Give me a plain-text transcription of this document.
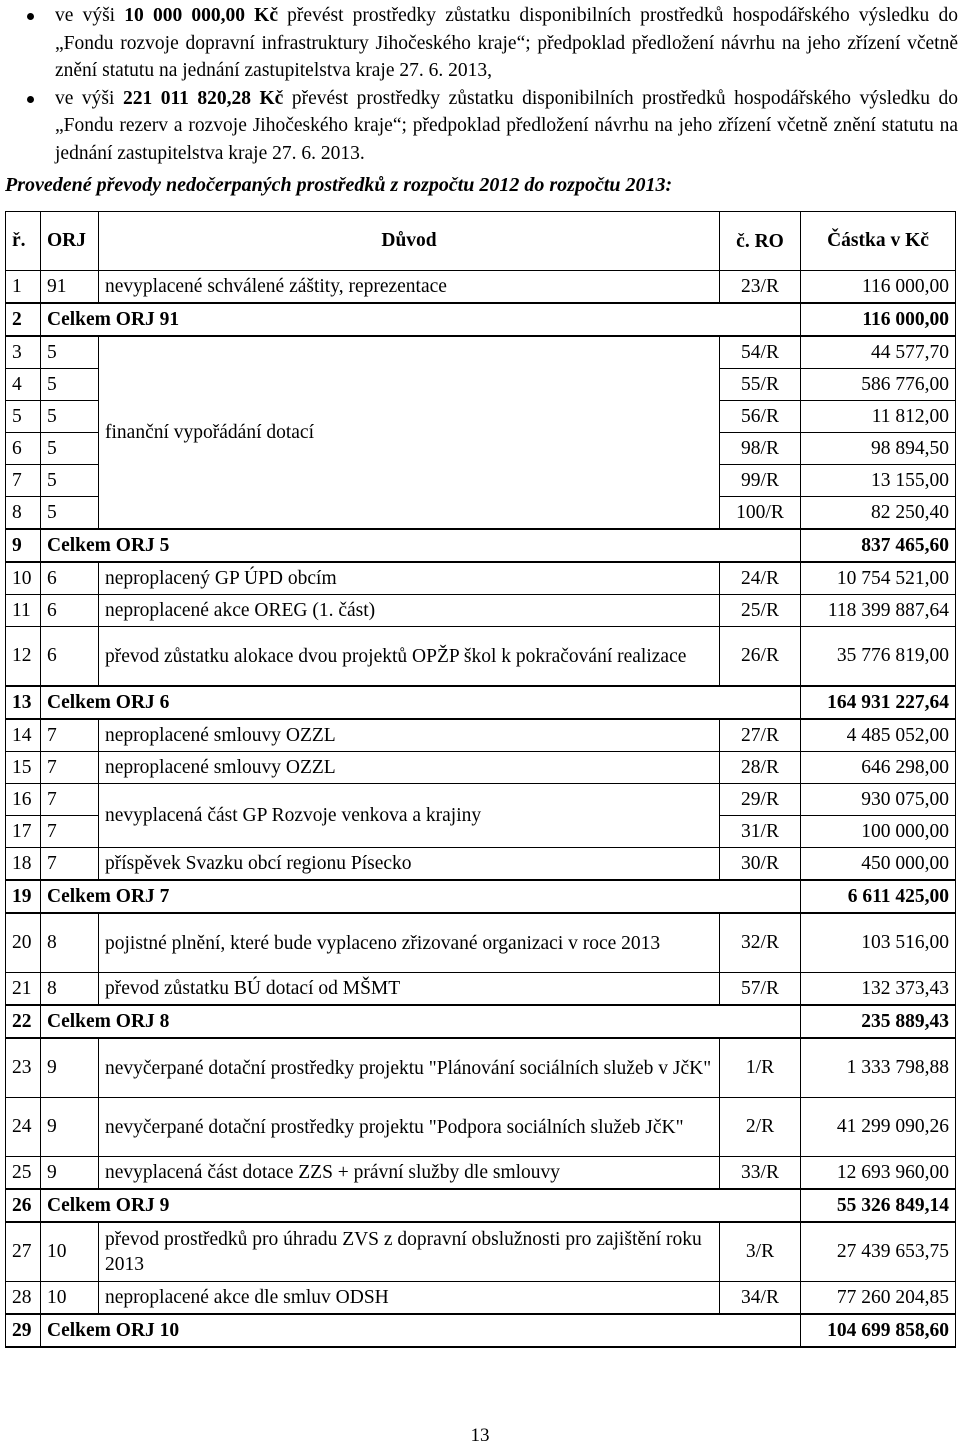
ve výši 10 000 000,00 Kč převést prostředky zůstatku disponibilních prostředků hospodářského výsledku do „Fondu rozvoje dopravní infrastruktury Jihočeského kraje“; předpoklad předložení návrhu na jeho zřízení včetně znění statutu na jednání zastupitelstva kraje 27. 6. 2013,
ve výši 221 011 820,28 Kč převést prostředky zůstatku disponibilních prostředků hospodářského výsledku do „Fondu rezerv a rozvoje Jihočeského kraje“; předpoklad předložení návrhu na jeho zřízení včetně znění statutu na jednání zastupitelstva kraje 27. 6. 2013.
Provedené převody nedočerpaných prostředků z rozpočtu 2012 do rozpočtu 2013:
ř.	ORJ	Důvod	č. RO	Částka v Kč
1	91	nevyplacené schválené záštity, reprezentace	23/R	116 000,00
2	Celkem ORJ 91			116 000,00
3	5	finanční vypořádání dotací	54/R	44 577,70
4	5		55/R	586 776,00
5	5		56/R	11 812,00
6	5		98/R	98 894,50
7	5		99/R	13 155,00
8	5		100/R	82 250,40
9	Celkem ORJ 5			837 465,60
10	6	neproplacený GP ÚPD obcím	24/R	10 754 521,00
11	6	neproplacené akce OREG (1. část)	25/R	118 399 887,64
12	6	převod zůstatku alokace dvou projektů OPŽP škol k pokračování realizace	26/R	35 776 819,00
13	Celkem ORJ 6			164 931 227,64
14	7	neproplacené smlouvy OZZL	27/R	4 485 052,00
15	7	neproplacené smlouvy OZZL	28/R	646 298,00
16	7	nevyplacená část GP Rozvoje venkova a krajiny	29/R	930 075,00
17	7		31/R	100 000,00
18	7	příspěvek Svazku obcí regionu Písecko	30/R	450 000,00
19	Celkem ORJ 7			6 611 425,00
20	8	pojistné plnění, které bude vyplaceno zřizované organizaci v roce 2013	32/R	103 516,00
21	8	převod zůstatku BÚ dotací od MŠMT	57/R	132 373,43
22	Celkem ORJ 8			235 889,43
23	9	nevyčerpané dotační prostředky projektu "Plánování sociálních služeb v JčK"	1/R	1 333 798,88
24	9	nevyčerpané dotační prostředky projektu "Podpora sociálních služeb JčK"	2/R	41 299 090,26
25	9	nevyplacená část dotace ZZS + právní služby dle smlouvy	33/R	12 693 960,00
26	Celkem ORJ 9			55 326 849,14
27	10	převod prostředků pro úhradu ZVS z dopravní obslužnosti pro zajištění roku 2013	3/R	27 439 653,75
28	10	neproplacené akce dle smluv ODSH	34/R	77 260 204,85
29	Celkem ORJ 10			104 699 858,60
13
